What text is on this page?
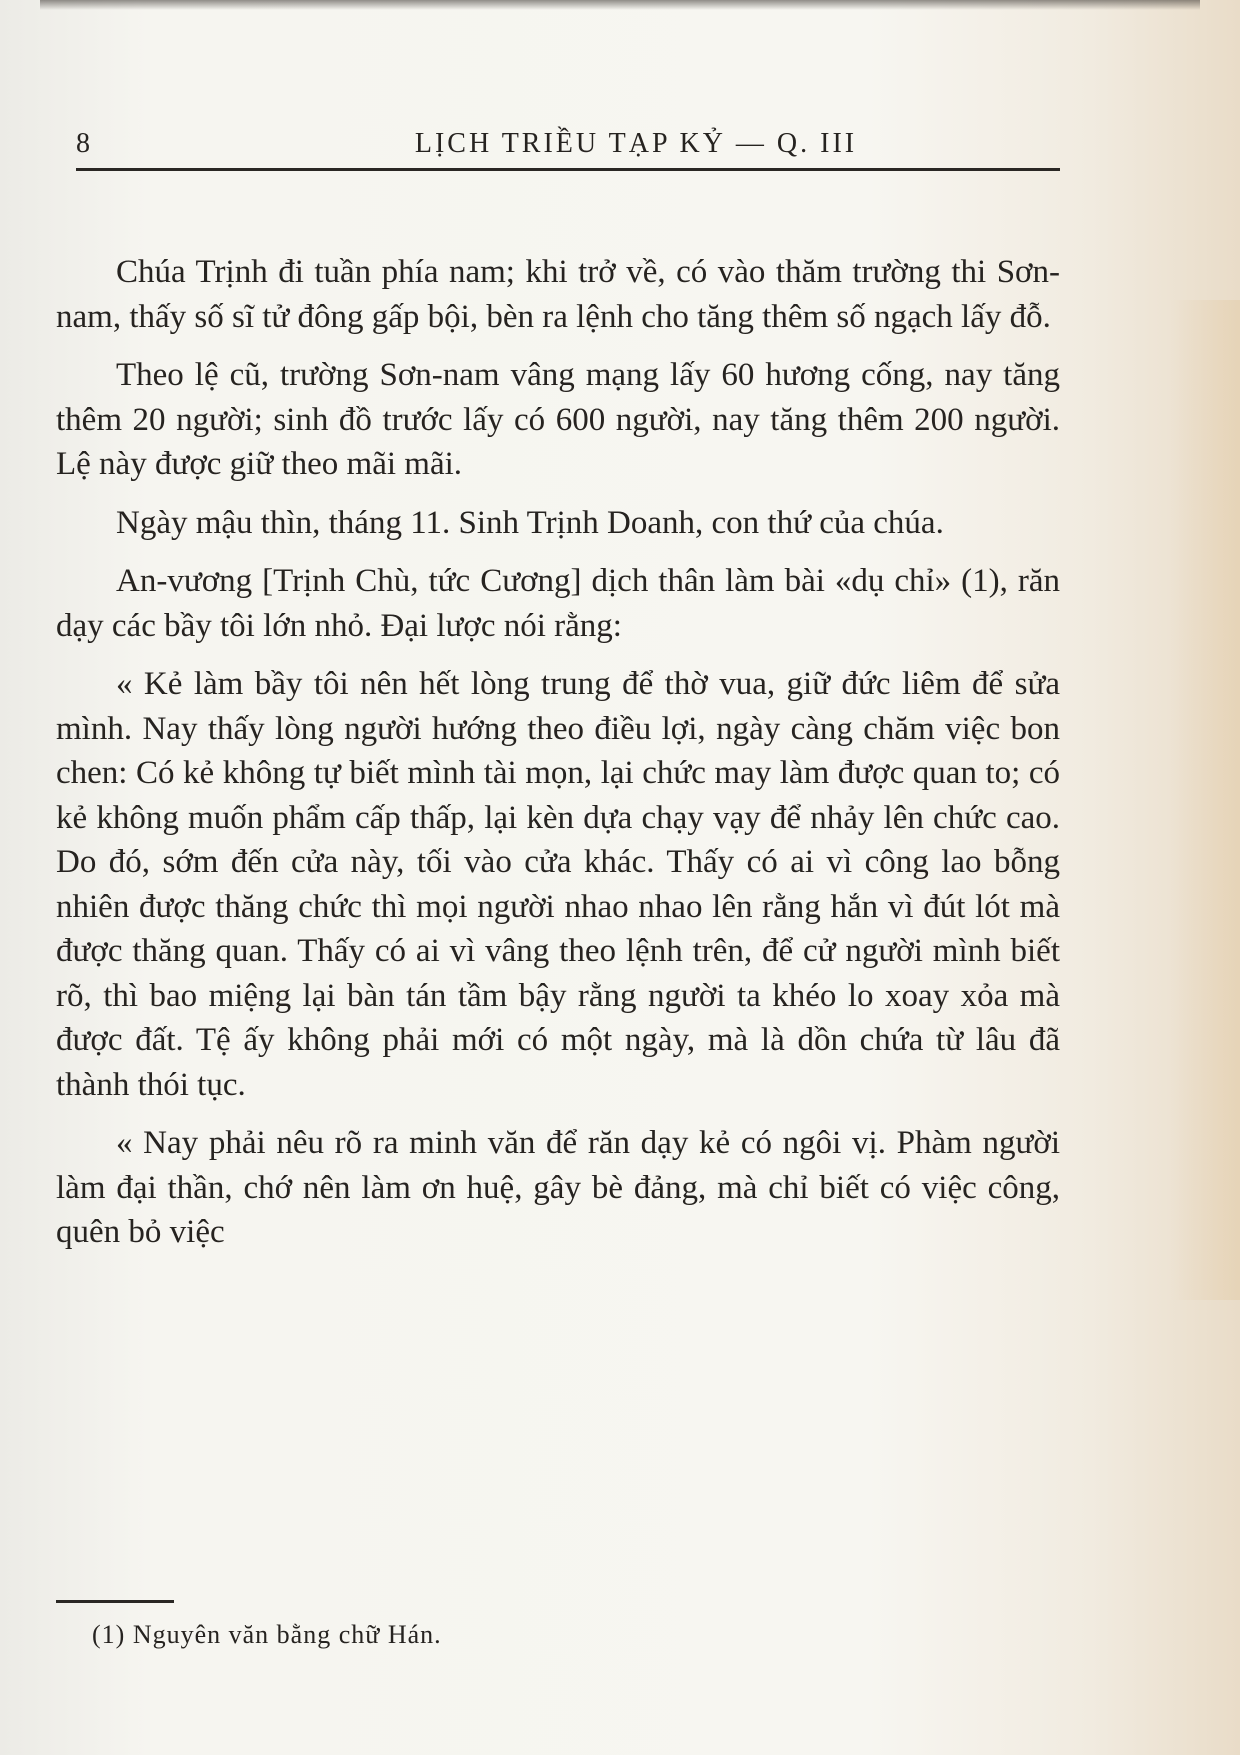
8	LỊCH TRIỀU TẠP KỶ — Q. III

Chúa Trịnh đi tuần phía nam; khi trở về, có vào thăm trường thi Sơn-nam, thấy số sĩ tử đông gấp bội, bèn ra lệnh cho tăng thêm số ngạch lấy đỗ.

Theo lệ cũ, trường Sơn-nam vâng mạng lấy 60 hương cống, nay tăng thêm 20 người; sinh đồ trước lấy có 600 người, nay tăng thêm 200 người. Lệ này được giữ theo mãi mãi.

Ngày mậu thìn, tháng 11. Sinh Trịnh Doanh, con thứ của chúa.

An-vương [Trịnh Chù, tức Cương] dịch thân làm bài «dụ chỉ» (1), răn dạy các bầy tôi lớn nhỏ. Đại lược nói rằng:

« Kẻ làm bầy tôi nên hết lòng trung để thờ vua, giữ đức liêm để sửa mình. Nay thấy lòng người hướng theo điều lợi, ngày càng chăm việc bon chen: Có kẻ không tự biết mình tài mọn, lại chức may làm được quan to; có kẻ không muốn phẩm cấp thấp, lại kèn dựa chạy vạy để nhảy lên chức cao. Do đó, sớm đến cửa này, tối vào cửa khác. Thấy có ai vì công lao bỗng nhiên được thăng chức thì mọi người nhao nhao lên rằng hắn vì đút lót mà được thăng quan. Thấy có ai vì vâng theo lệnh trên, để cử người mình biết rõ, thì bao miệng lại bàn tán tầm bậy rằng người ta khéo lo xoay xỏa mà được đất. Tệ ấy không phải mới có một ngày, mà là dồn chứa từ lâu đã thành thói tục.

« Nay phải nêu rõ ra minh văn để răn dạy kẻ có ngôi vị. Phàm người làm đại thần, chớ nên làm ơn huệ, gây bè đảng, mà chỉ biết có việc công, quên bỏ việc

(1) Nguyên văn bằng chữ Hán.
